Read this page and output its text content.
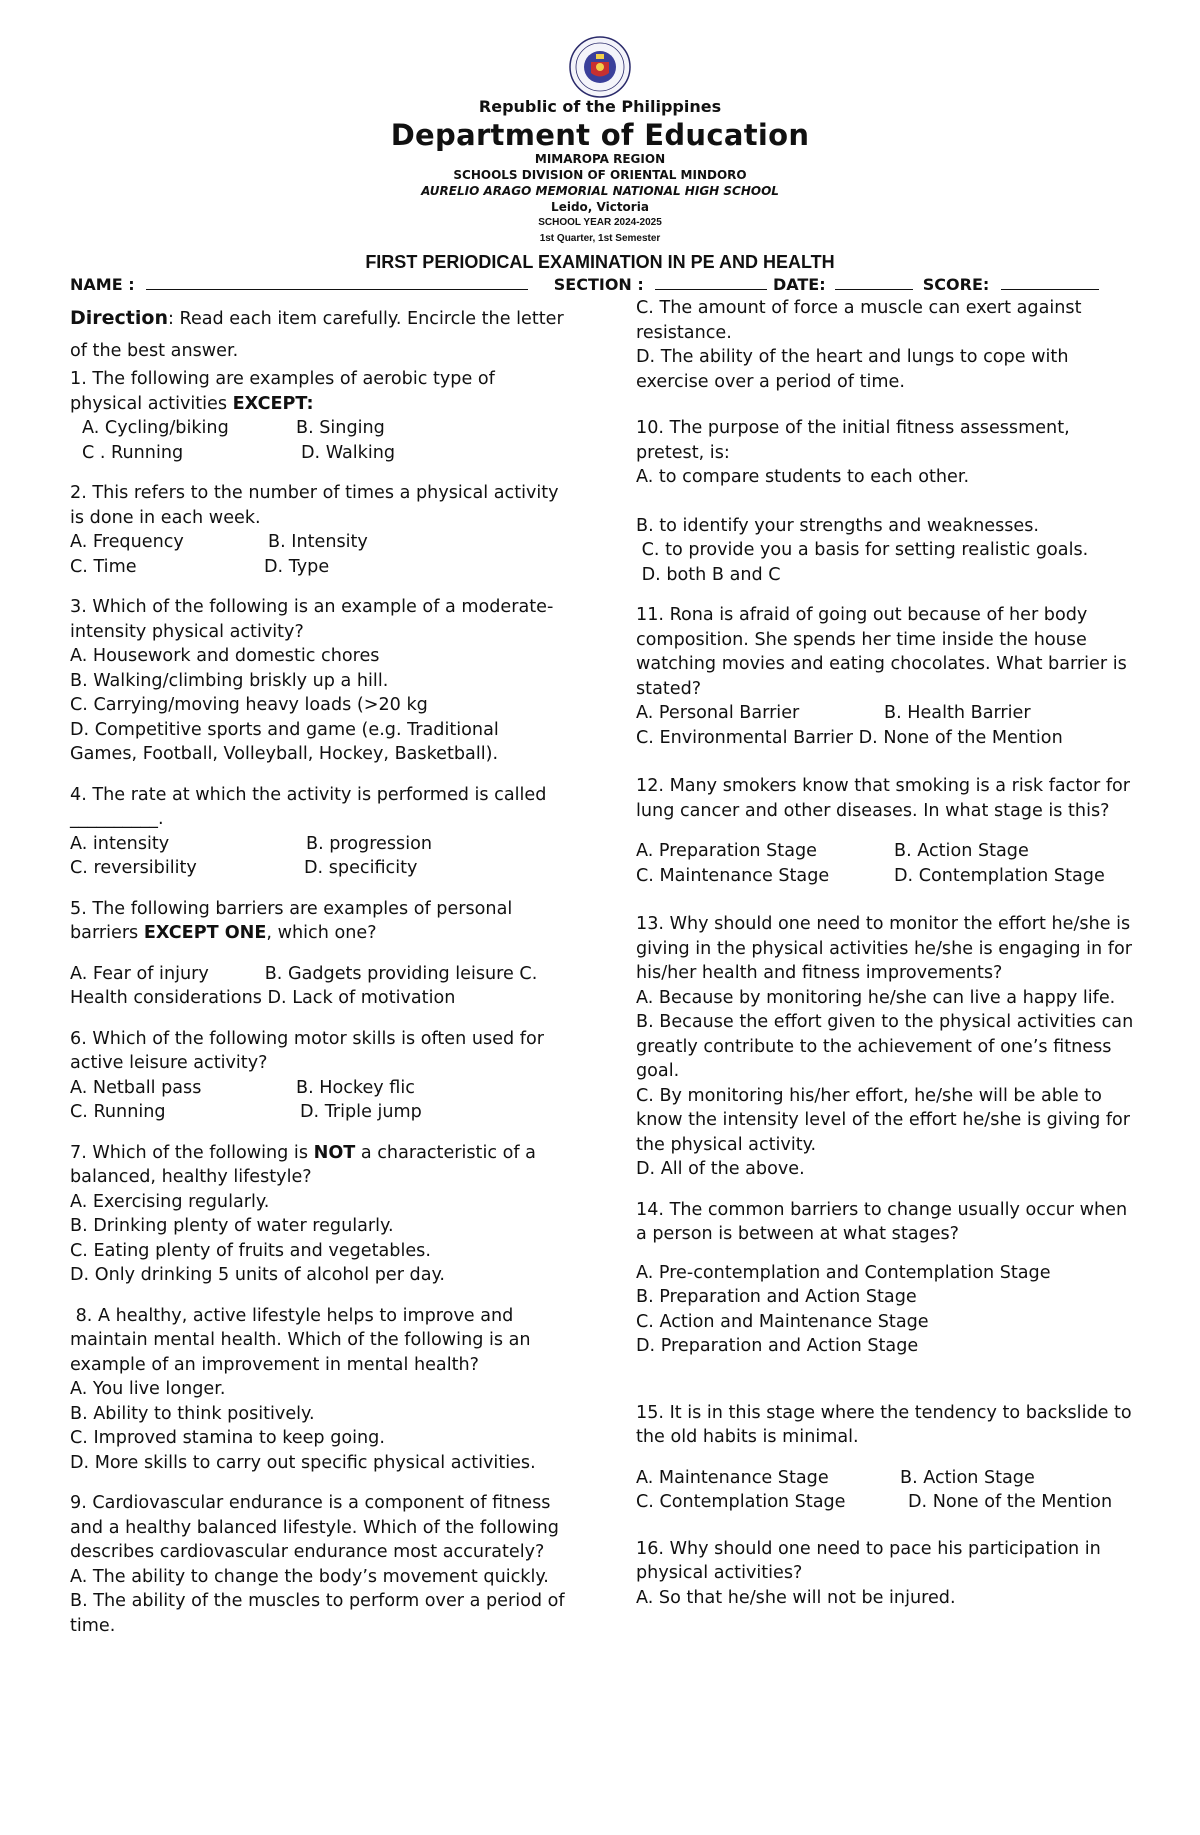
Republic of the Philippines
Department of Education
MIMAROPA REGION
SCHOOLS DIVISION OF ORIENTAL MINDORO
AURELIO ARAGO MEMORIAL NATIONAL HIGH SCHOOL
Leido, Victoria
SCHOOL YEAR 2024-2025
1st Quarter, 1st Semester
FIRST PERIODICAL EXAMINATION IN PE AND HEALTH
NAME :	SECTION :	DATE:	SCORE:
Direction: Read each item carefully. Encircle the letter of the best answer.

1. The following are examples of aerobic type of physical activities EXCEPT:

A. Cycling/biking	B. Singing
C . Running	D. Walking

2. This refers to the number of times a physical activity is done in each week.

A. Frequency	B. Intensity
C. Time	D. Type

3. Which of the following is an example of a moderate-intensity physical activity?

A. Housework and domestic chores

B. Walking/climbing briskly up a hill.

C. Carrying/moving heavy loads (>20 kg

D. Competitive sports and game (e.g. Traditional Games, Football, Volleyball, Hockey, Basketball).

4. The rate at which the activity is performed is called __________.

A. intensity	B. progression
C. reversibility	D. specificity

5. The following barriers are examples of personal barriers EXCEPT ONE, which one?

A. Fear of injury          B. Gadgets providing leisure C. Health considerations D. Lack of motivation

6. Which of the following motor skills is often used for active leisure activity?

A. Netball pass	B. Hockey flic
C. Running	D. Triple jump

7. Which of the following is NOT a characteristic of a balanced, healthy lifestyle?

A. Exercising regularly.

B. Drinking plenty of water regularly.

C. Eating plenty of fruits and vegetables.

D. Only drinking 5 units of alcohol per day.

8. A healthy, active lifestyle helps to improve and maintain mental health. Which of the following is an example of an improvement in mental health?

A. You live longer.

B. Ability to think positively.

C. Improved stamina to keep going.

D. More skills to carry out specific physical activities.

9. Cardiovascular endurance is a component of fitness and a healthy balanced lifestyle. Which of the following describes cardiovascular endurance most accurately?

A. The ability to change the body’s movement quickly.

B. The ability of the muscles to perform over a period of time.

C. The amount of force a muscle can exert against resistance.

D. The ability of the heart and lungs to cope with exercise over a period of time.

10. The purpose of the initial fitness assessment, pretest, is:

A. to compare students to each other.

B. to identify your strengths and weaknesses.

C. to provide you a basis for setting realistic goals.

D. both B and C

11. Rona is afraid of going out because of her body composition. She spends her time inside the house watching movies and eating chocolates. What barrier is stated?

A. Personal Barrier	B. Health Barrier

C. Environmental Barrier D. None of the Mention

12. Many smokers know that smoking is a risk factor for lung cancer and other diseases. In what stage is this?

A. Preparation Stage	B. Action Stage
C. Maintenance Stage	D. Contemplation Stage

13. Why should one need to monitor the effort he/she is giving in the physical activities he/she is engaging in for his/her health and fitness improvements?

A. Because by monitoring he/she can live a happy life.

B. Because the effort given to the physical activities can greatly contribute to the achievement of one’s fitness goal.

C. By monitoring his/her effort, he/she will be able to know the intensity level of the effort he/she is giving for the physical activity.

D. All of the above.

14. The common barriers to change usually occur when a person is between at what stages?

A. Pre-contemplation and Contemplation Stage

B. Preparation and Action Stage

C. Action and Maintenance Stage

D. Preparation and Action Stage

15. It is in this stage where the tendency to backslide to the old habits is minimal.

A. Maintenance Stage	B. Action Stage
C. Contemplation Stage	D. None of the Mention

16. Why should one need to pace his participation in physical activities?

A. So that he/she will not be injured.
